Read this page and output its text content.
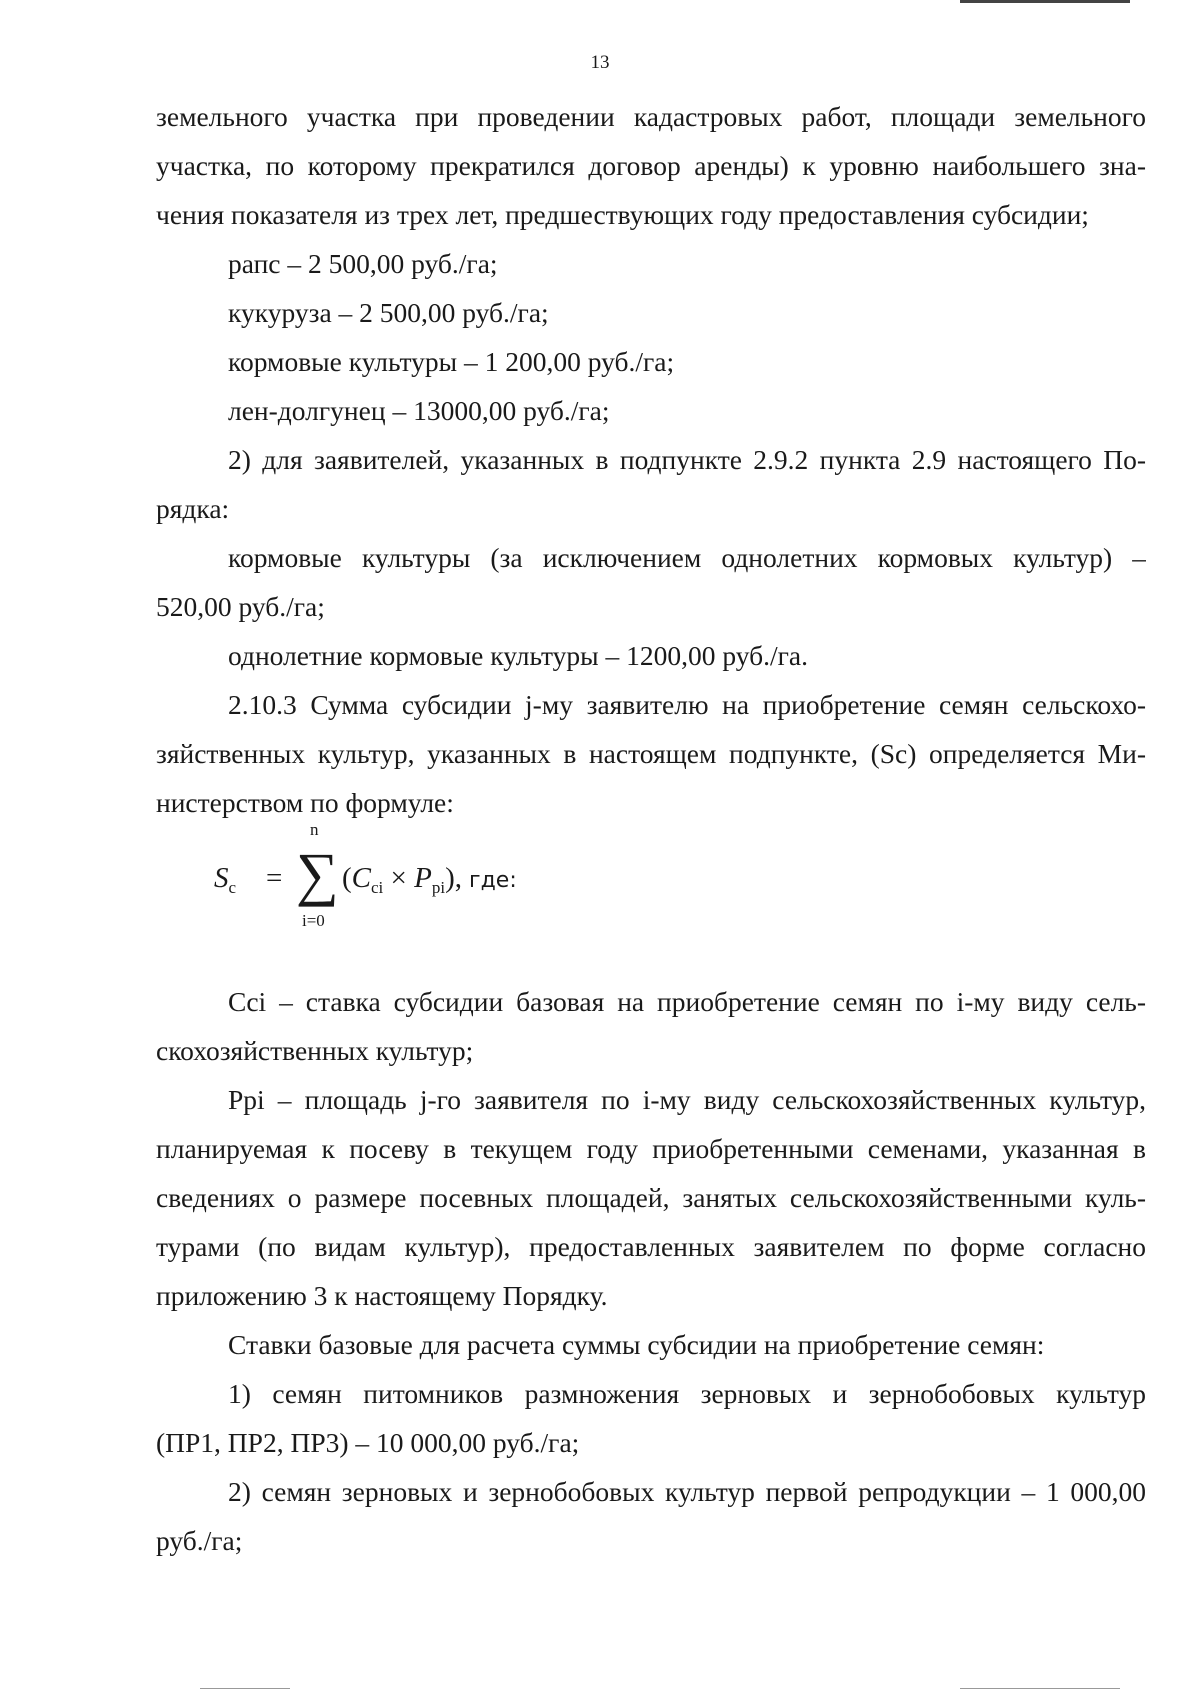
13
земельного участка при проведении кадастровых работ, площади земельного
участка, по которому прекратился договор аренды) к уровню наибольшего зна-
чения показателя из трех лет, предшествующих году предоставления субсидии;
рапс – 2 500,00 руб./га;
кукуруза – 2 500,00 руб./га;
кормовые культуры – 1 200,00 руб./га;
лен-долгунец – 13000,00 руб./га;
2) для заявителей, указанных в подпункте 2.9.2 пункта 2.9 настоящего По-
рядка:
кормовые культуры (за исключением однолетних кормовых культур) –
520,00 руб./га;
однолетние кормовые культуры – 1200,00 руб./га.
2.10.3 Сумма субсидии j-му заявителю на приобретение семян сельскохо-
зяйственных культур, указанных в настоящем подпункте, (Sc) определяется Ми-
нистерством по формуле:
$S_c$ =
n
∑
i=0
$(C_{ci} \times P_{pi})$, где:
Cci – ставка субсидии базовая на приобретение семян по i-му виду сель-
скохозяйственных культур;
Ppi – площадь j-го заявителя по i-му виду сельскохозяйственных культур,
планируемая к посеву в текущем году приобретенными семенами, указанная в
сведениях о размере посевных площадей, занятых сельскохозяйственными куль-
турами (по видам культур), предоставленных заявителем по форме согласно
приложению 3 к настоящему Порядку.
Ставки базовые для расчета суммы субсидии на приобретение семян:
1) семян питомников размножения зерновых и зернобобовых культур
(ПР1, ПР2, ПР3) – 10 000,00 руб./га;
2) семян зерновых и зернобобовых культур первой репродукции – 1 000,00
руб./га;
